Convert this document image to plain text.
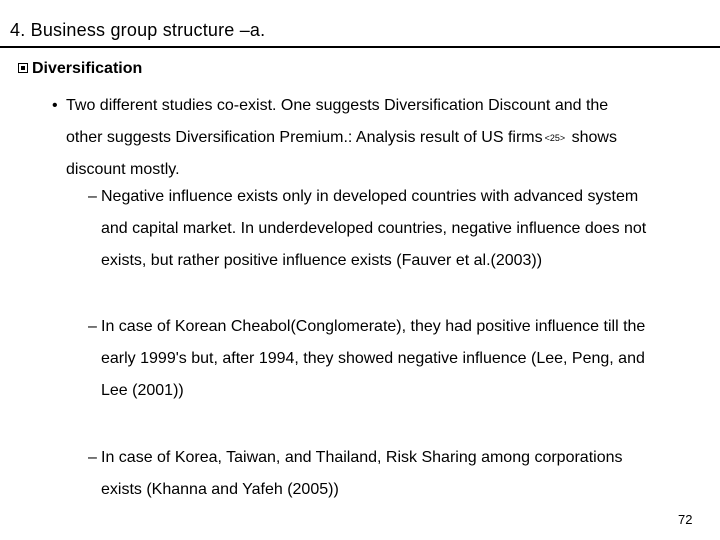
4. Business group structure –a.
Diversification
• Two different studies co-exist. One suggests Diversification Discount and the
other suggests Diversification Premium.: Analysis result of US firms <25> shows
discount mostly.
– Negative influence exists only in developed countries with advanced system
and capital market. In underdeveloped countries, negative influence does not
exists, but rather positive influence exists (Fauver et al.(2003))
– In case of Korean Cheabol(Conglomerate), they had positive influence till the
early 1999's but, after 1994, they showed negative influence (Lee, Peng, and
Lee (2001))
– In case of Korea, Taiwan, and Thailand, Risk Sharing among corporations
exists (Khanna and Yafeh (2005))
72
